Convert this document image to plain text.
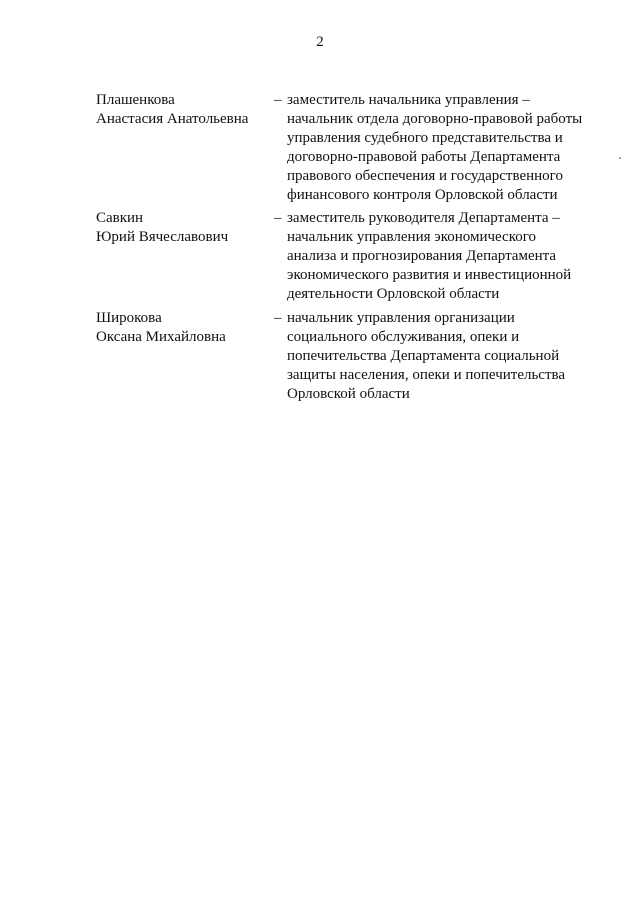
2
Плашенкова
Анастасия Анатольевна
– заместитель начальника управления –
начальник отдела договорно-правовой работы
управления судебного представительства и
договорно-правовой работы Департамента
правового обеспечения и государственного
финансового контроля Орловской области
Савкин
Юрий Вячеславович
– заместитель руководителя Департамента –
начальник управления экономического
анализа и прогнозирования Департамента
экономического развития и инвестиционной
деятельности Орловской области
Широкова
Оксана Михайловна
– начальник управления организации
социального обслуживания, опеки и
попечительства Департамента социальной
защиты населения, опеки и попечительства
Орловской области
